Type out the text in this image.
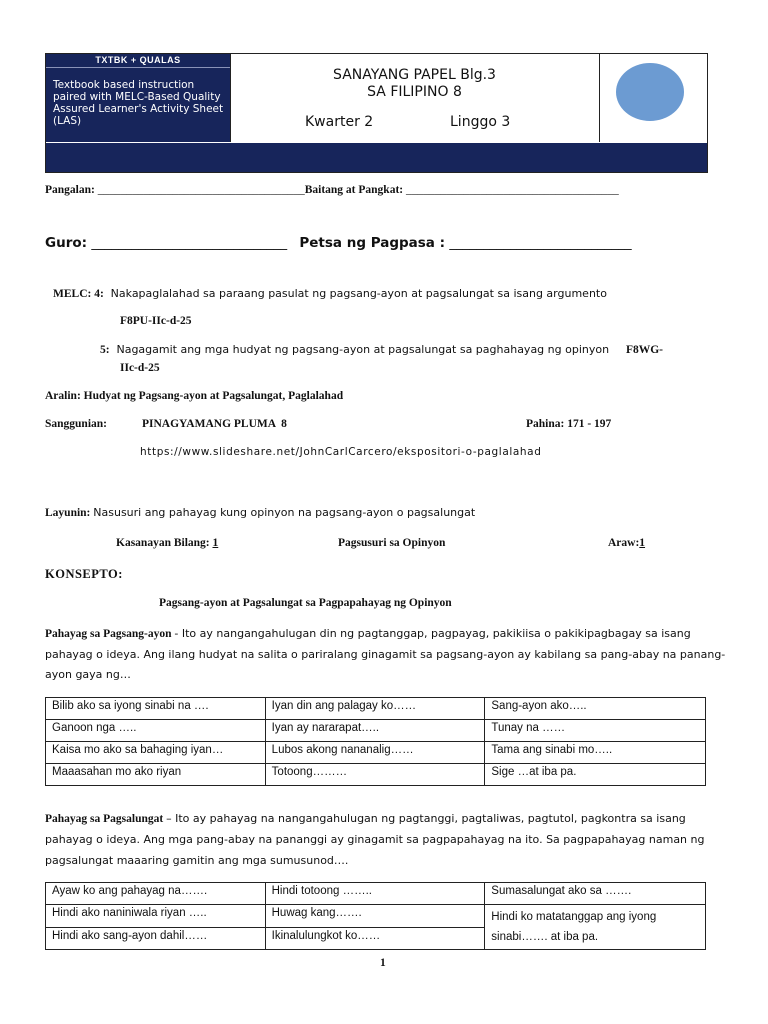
TXTBK + QUALAS
Textbook based instruction paired with MELC-Based Quality Assured Learner's Activity Sheet (LAS)
SANAYANG PAPEL Blg.3
SA FILIPINO 8
Kwarter 2	Linggo 3
Pangalan: ____________________________________Baitang at Pangkat: _____________________________________
Guro: _____________________________ Petsa ng Pagpasa : ___________________________
MELC: 4: Nakapaglalahad sa paraang pasulat ng pagsang-ayon at pagsalungat sa isang argumento
F8PU-IIc-d-25
5: Nagagamit ang mga hudyat ng pagsang-ayon at pagsalungat sa paghahayag ng opinyon F8WG-
IIc-d-25
Aralin: Hudyat ng Pagsang-ayon at Pagsalungat, Paglalahad
Sanggunian:	PINAGYAMANG PLUMA  8	Pahina: 171 - 197
https://www.slideshare.net/JohnCarlCarcero/ekspositori-o-paglalahad
Layunin: Nasusuri ang pahayag kung opinyon na pagsang-ayon o pagsalungat
Kasanayan Bilang: 1	Pagsusuri sa Opinyon	Araw:1
KONSEPTO:
Pagsang-ayon at Pagsalungat sa Pagpapahayag ng Opinyon
Pahayag sa Pagsang-ayon - Ito ay nangangahulugan din ng pagtanggap, pagpayag, pakikiisa o pakikipagbagay sa isang
pahayag o ideya. Ang ilang hudyat na salita o pariralang ginagamit sa pagsang-ayon ay kabilang sa pang-abay na panang-
ayon gaya ng…
Bilib ako sa iyong sinabi na ….	Iyan din ang palagay ko……	Sang-ayon ako…..
Ganoon nga …..	Iyan ay nararapat…..	Tunay na ……
Kaisa mo ako sa bahaging iyan…	Lubos akong nananalig……	Tama ang sinabi mo…..
Maaasahan mo ako riyan	Totoong………	Sige …at iba pa.
Pahayag sa Pagsalungat – Ito ay pahayag na nangangahulugan ng pagtanggi, pagtaliwas, pagtutol, pagkontra sa isang
pahayag o ideya. Ang mga pang-abay na pananggi ay ginagamit sa pagpapahayag na ito. Sa pagpapahayag naman ng
pagsalungat maaaring gamitin ang mga sumusunod….
Ayaw ko ang pahayag na…….	Hindi totoong ……..	Sumasalungat ako sa …….
Hindi ako naniniwala riyan …..	Huwag kang…….	Hindi ko matatanggap ang iyong
sinabi……. at iba pa.
Hindi ako sang-ayon dahil……	Ikinalulungkot ko……	
1
